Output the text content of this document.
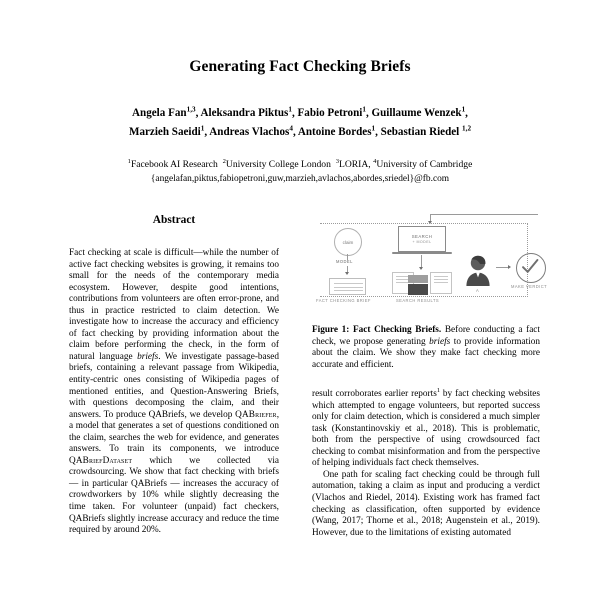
Generating Fact Checking Briefs
Angela Fan$^{1,3}$, Aleksandra Piktus$^1$, Fabio Petroni$^1$, Guillaume Wenzek$^1$,
Marzieh Saeidi$^1$, Andreas Vlachos$^4$, Antoine Bordes$^1$, Sebastian Riedel $^{1,2}$
$^1$Facebook AI Research $^2$University College London $^3$LORIA, $^4$University of Cambridge
{angelafan,piktus,fabiopetroni,guw,marzieh,avlachos,abordes,sriedel}@fb.com
Abstract
Fact checking at scale is difficult—while the number of active fact checking websites is growing, it remains too small for the needs of the contemporary media ecosystem. However, despite good intentions, contributions from volunteers are often error-prone, and thus in practice restricted to claim detection. We investigate how to increase the accuracy and efficiency of fact checking by providing information about the claim before performing the check, in the form of natural language briefs. We investigate passage-based briefs, containing a relevant passage from Wikipedia, entity-centric ones consisting of Wikipedia pages of mentioned entities, and Question-Answering Briefs, with questions decomposing the claim, and their answers. To produce QABriefs, we develop QABriefer, a model that generates a set of questions conditioned on the claim, searches the web for evidence, and generates answers. To train its components, we introduce QABriefDataset which we collected via crowdsourcing. We show that fact checking with briefs — in particular QABriefs — increases the accuracy of crowdworkers by 10% while slightly decreasing the time taken. For volunteer (unpaid) fact checkers, QABriefs slightly increase accuracy and reduce the time required by around 20%.
claim
MODEL
FACT CHECKING BRIEF
SEARCH
+ MODEL
SEARCH RESULTS
A
MAKE VERDICT
Figure 1: Fact Checking Briefs. Before conducting a fact check, we propose generating briefs to provide information about the claim. We show they make fact checking more accurate and efficient.

result corroborates earlier reports$^1$ by fact checking websites which attempted to engage volunteers, but reported success only for claim detection, which is considered a much simpler task (Konstantinovskiy et al., 2018). This is problematic, both from the perspective of using crowdsourced fact checking to combat misinformation and from the perspective of helping individuals fact check themselves.

One path for scaling fact checking could be through full automation, taking a claim as input and producing a verdict (Vlachos and Riedel, 2014). Existing work has framed fact checking as classification, often supported by evidence (Wang, 2017; Thorne et al., 2018; Augenstein et al., 2019). However, due to the limitations of existing automated
